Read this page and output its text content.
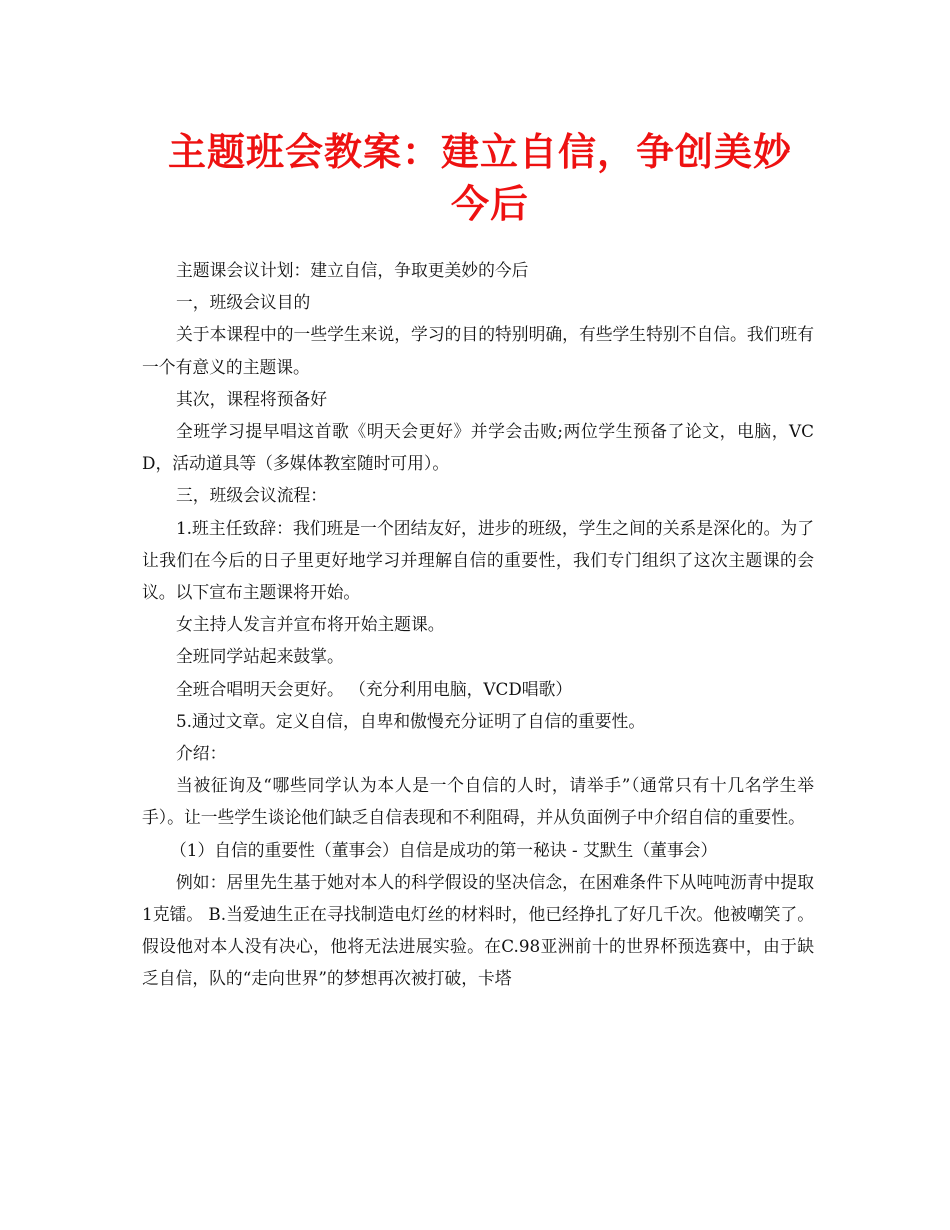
主题班会教案：建立自信，争创美妙
今后

主题课会议计划：建立自信，争取更美妙的今后

一，班级会议目的

关于本课程中的一些学生来说，学习的目的特别明确，有些学生特别不自信。我们班有一个有意义的主题课。

其次，课程将预备好

全班学习提早唱这首歌《明天会更好》并学会击败;两位学生预备了论文，电脑，VCD，活动道具等（多媒体教室随时可用）。

三，班级会议流程：

1.班主任致辞：我们班是一个团结友好，进步的班级，学生之间的关系是深化的。为了让我们在今后的日子里更好地学习并理解自信的重要性，我们专门组织了这次主题课的会议。以下宣布主题课将开始。

女主持人发言并宣布将开始主题课。

全班同学站起来鼓掌。

全班合唱明天会更好。 （充分利用电脑，VCD唱歌）

5.通过文章。定义自信，自卑和傲慢充分证明了自信的重要性。

介绍：

当被征询及“哪些同学认为本人是一个自信的人时，请举手”（通常只有十几名学生举手）。让一些学生谈论他们缺乏自信表现和不利阻碍，并从负面例子中介绍自信的重要性。

（1）自信的重要性（董事会）自信是成功的第一秘诀 - 艾默生（董事会）

例如：居里先生基于她对本人的科学假设的坚决信念，在困难条件下从吨吨沥青中提取1克镭。 B.当爱迪生正在寻找制造电灯丝的材料时，他已经挣扎了好几千次。他被嘲笑了。假设他对本人没有决心，他将无法进展实验。在C.98亚洲前十的世界杯预选赛中，由于缺乏自信，队的“走向世界”的梦想再次被打破，卡塔
